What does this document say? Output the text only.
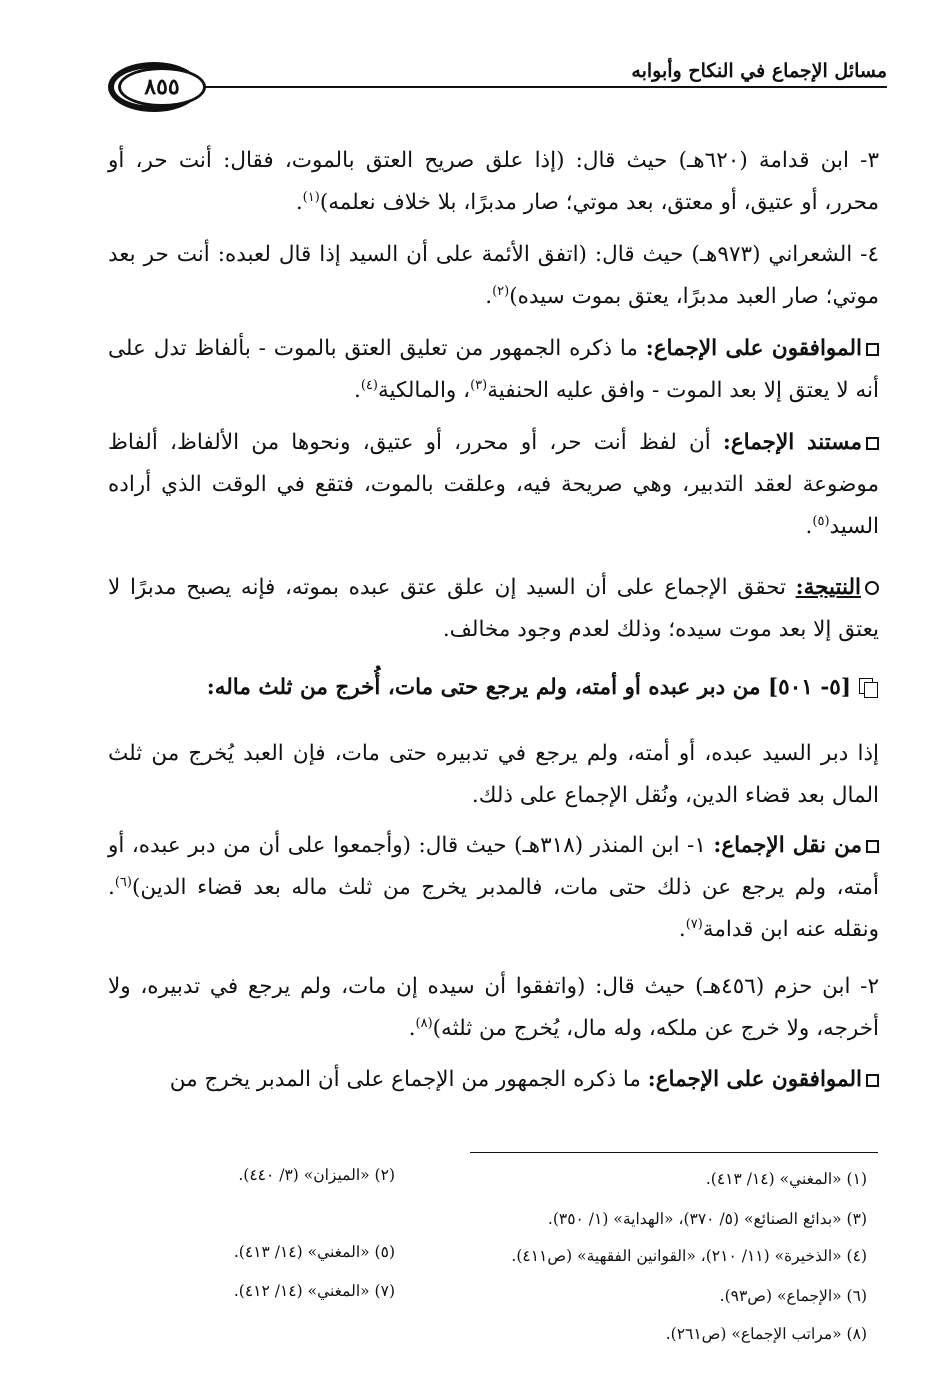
مسائل الإجماع في النكاح وأبوابه
٨٥٥
٣- ابن قدامة (٦٢٠هـ) حيث قال: (إذا علق صريح العتق بالموت، فقال: أنت حر، أو محرر، أو عتيق، أو معتق، بعد موتي؛ صار مدبرًا، بلا خلاف نعلمه)$^{(١)}$.
٤- الشعراني (٩٧٣هـ) حيث قال: (اتفق الأئمة على أن السيد إذا قال لعبده: أنت حر بعد موتي؛ صار العبد مدبرًا، يعتق بموت سيده)$^{(٢)}$.
الموافقون على الإجماع: ما ذكره الجمهور من تعليق العتق بالموت - بألفاظ تدل على أنه لا يعتق إلا بعد الموت - وافق عليه الحنفية$^{(٣)}$، والمالكية$^{(٤)}$.
مستند الإجماع: أن لفظ أنت حر، أو محرر، أو عتيق، ونحوها من الألفاظ، ألفاظ موضوعة لعقد التدبير، وهي صريحة فيه، وعلقت بالموت، فتقع في الوقت الذي أراده السيد$^{(٥)}$.
النتيجة: تحقق الإجماع على أن السيد إن علق عتق عبده بموته، فإنه يصبح مدبرًا لا يعتق إلا بعد موت سيده؛ وذلك لعدم وجود مخالف.
[٥- ٥٠١] من دبر عبده أو أمته، ولم يرجع حتى مات، أُخرج من ثلث ماله:
إذا دبر السيد عبده، أو أمته، ولم يرجع في تدبيره حتى مات، فإن العبد يُخرج من ثلث المال بعد قضاء الدين، ونُقل الإجماع على ذلك.
من نقل الإجماع: ١- ابن المنذر (٣١٨هـ) حيث قال: (وأجمعوا على أن من دبر عبده، أو أمته، ولم يرجع عن ذلك حتى مات، فالمدبر يخرج من ثلث ماله بعد قضاء الدين)$^{(٦)}$. ونقله عنه ابن قدامة$^{(٧)}$.
٢- ابن حزم (٤٥٦هـ) حيث قال: (واتفقوا أن سيده إن مات، ولم يرجع في تدبيره، ولا أخرجه، ولا خرج عن ملكه، وله مال، يُخرج من ثلثه)$^{(٨)}$.
الموافقون على الإجماع: ما ذكره الجمهور من الإجماع على أن المدبر يخرج من
(١) «المغني» (١٤/ ٤١٣).
(٢) «الميزان» (٣/ ٤٤٠).
(٣) «بدائع الصنائع» (٥/ ٣٧٠)، «الهداية» (١/ ٣٥٠).
(٤) «الذخيرة» (١١/ ٢١٠)، «القوانين الفقهية» (ص٤١١).
(٥) «المغني» (١٤/ ٤١٣).
(٦) «الإجماع» (ص٩٣).
(٧) «المغني» (١٤/ ٤١٢).
(٨) «مراتب الإجماع» (ص٢٦١).
